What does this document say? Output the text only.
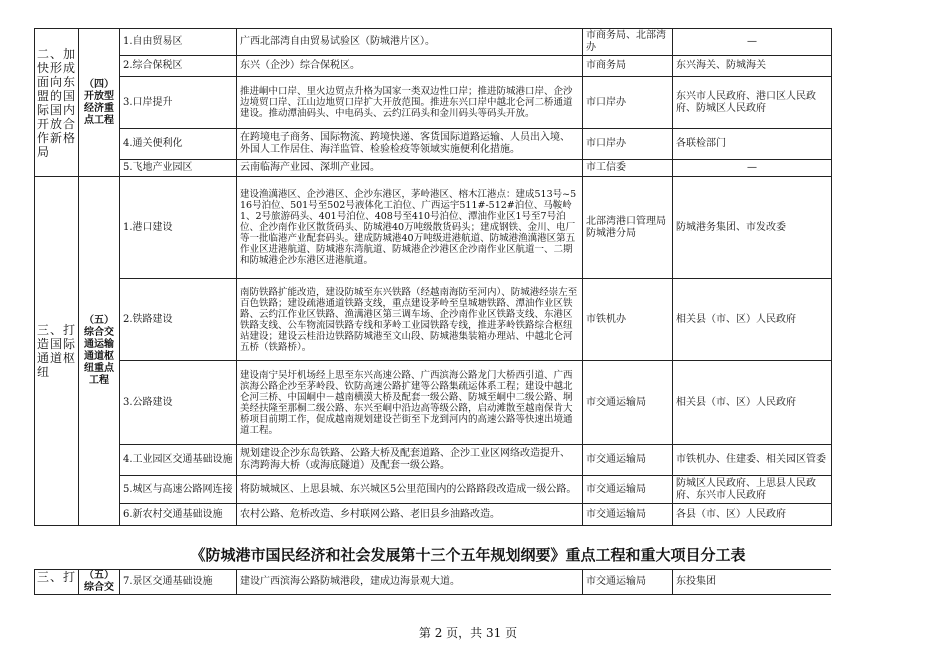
二、加快形成面向东盟的国际国内开放合作新格局	（四）开放型经济重点工程	1.自由贸易区	广西北部湾自由贸易试验区（防城港片区）。	市商务局、北部湾办	—
		2.综合保税区	东兴（企沙）综合保税区。	市商务局	东兴海关、防城海关
		3.口岸提升	推进峒中口岸、里火边贸点升格为国家一类双边性口岸；推进防城港口岸、企沙边境贸口岸、江山边地贸口岸扩大开放范围。推进东兴口岸中越北仑河二桥通道建设。推动潭油码头、中电码头、云约江码头和金川码头等码头开放。	市口岸办	东兴市人民政府、港口区人民政府、防城区人民政府
		4.通关便利化	在跨境电子商务、国际物流、跨境快递、客货国际道路运输、人员出入境、外国人工作居住、海洋监管、检验检疫等领域实施便利化措施。	市口岸办	各联检部门
		5.飞地产业园区	云南临海产业园、深圳产业园。	市工信委	—
三、打造国际通道枢纽	（五）综合交通运输通道枢纽重点工程	1.港口建设	建设渔澫港区、企沙港区、企沙东港区，茅岭港区、榕木江港点：建成513号~516号泊位、501号至502号液体化工泊位、广西运宇511#-512#泊位、马鞍岭1、2号旅游码头、401号泊位、408号至410号泊位、潭油作业区1号至7号泊位、企沙南作业区散货码头、防城港40万吨级散货码头；建成钢铁、金川、电厂等一批临港产业配套码头。建成防城港40万吨级进港航道、防城港渔澫港区第五作业区进港航道、防城港东湾航道、防城港企沙港区企沙南作业区航道一、二期和防城港企沙东港区进港航道。	北部湾港口管理局防城港分局	防城港务集团、市发改委
		2.铁路建设	南防铁路扩能改造，建设防城至东兴铁路（经越南海防至河内）、防城港经崇左至百色铁路；建设疏港通道铁路支线，重点建设茅岭至皇城塘铁路、潭油作业区铁路、云约江作业区铁路、渔澫港区第三调车场、企沙南作业区铁路支线、东港区铁路支线、公车物流园铁路专线和茅岭工业园铁路专线，推进茅岭铁路综合枢纽站建设；建设云桂沿边铁路防城港至文山段、防城港集装箱办理站、中越北仑河五桥（铁路桥）。	市铁机办	相关县（市、区）人民政府
		3.公路建设	建设南宁吴圩机场经上思至东兴高速公路、广西滨海公路龙门大桥西引道、广西滨海公路企沙至茅岭段、钦防高速公路扩建等公路集疏运体系工程；建设中越北仑河三桥、中国峒中－越南横漠大桥及配套一级公路、防城至峒中二级公路、垌美经扶隆至那桐二级公路、东兴至峒中沿边高等级公路，启动滩散至越南保肯大桥项目前期工作，促成越南规划建设芒街至下龙到河内的高速公路等快速出境通道工程。	市交通运输局	相关县（市、区）人民政府
		4.工业园区交通基础设施	规划建设企沙东岛铁路、公路大桥及配套道路、企沙工业区网络改造提升、东湾跨海大桥（或海底隧道）及配套一级公路。	市交通运输局	市铁机办、住建委、相关园区管委
		5.城区与高速公路网连接	将防城城区、上思县城、东兴城区5公里范围内的公路路段改造成一级公路。	市交通运输局	防城区人民政府、上思县人民政府、东兴市人民政府
		6.新农村交通基础设施	农村公路、危桥改造、乡村联网公路、老旧县乡油路改造。	市交通运输局	各县（市、区）人民政府
《防城港市国民经济和社会发展第十三个五年规划纲要》重点工程和重大项目分工表
三、打	（五）综合交	7.景区交通基础设施	建设广西滨海公路防城港段，建成边海景观大道。	市交通运输局	东投集团
第 2 页，共 31 页
